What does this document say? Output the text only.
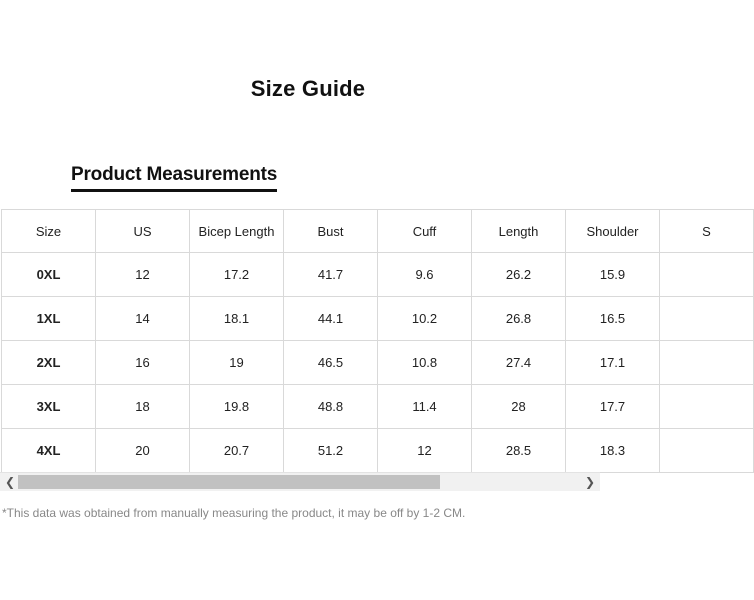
Size Guide
Product Measurements
Size	US	Bicep Length	Bust	Cuff	Length	Shoulder	S
0XL	12	17.2	41.7	9.6	26.2	15.9	
1XL	14	18.1	44.1	10.2	26.8	16.5	
2XL	16	19	46.5	10.8	27.4	17.1	
3XL	18	19.8	48.8	11.4	28	17.7	
4XL	20	20.7	51.2	12	28.5	18.3	
❮	❯
*This data was obtained from manually measuring the product, it may be off by 1-2 CM.
